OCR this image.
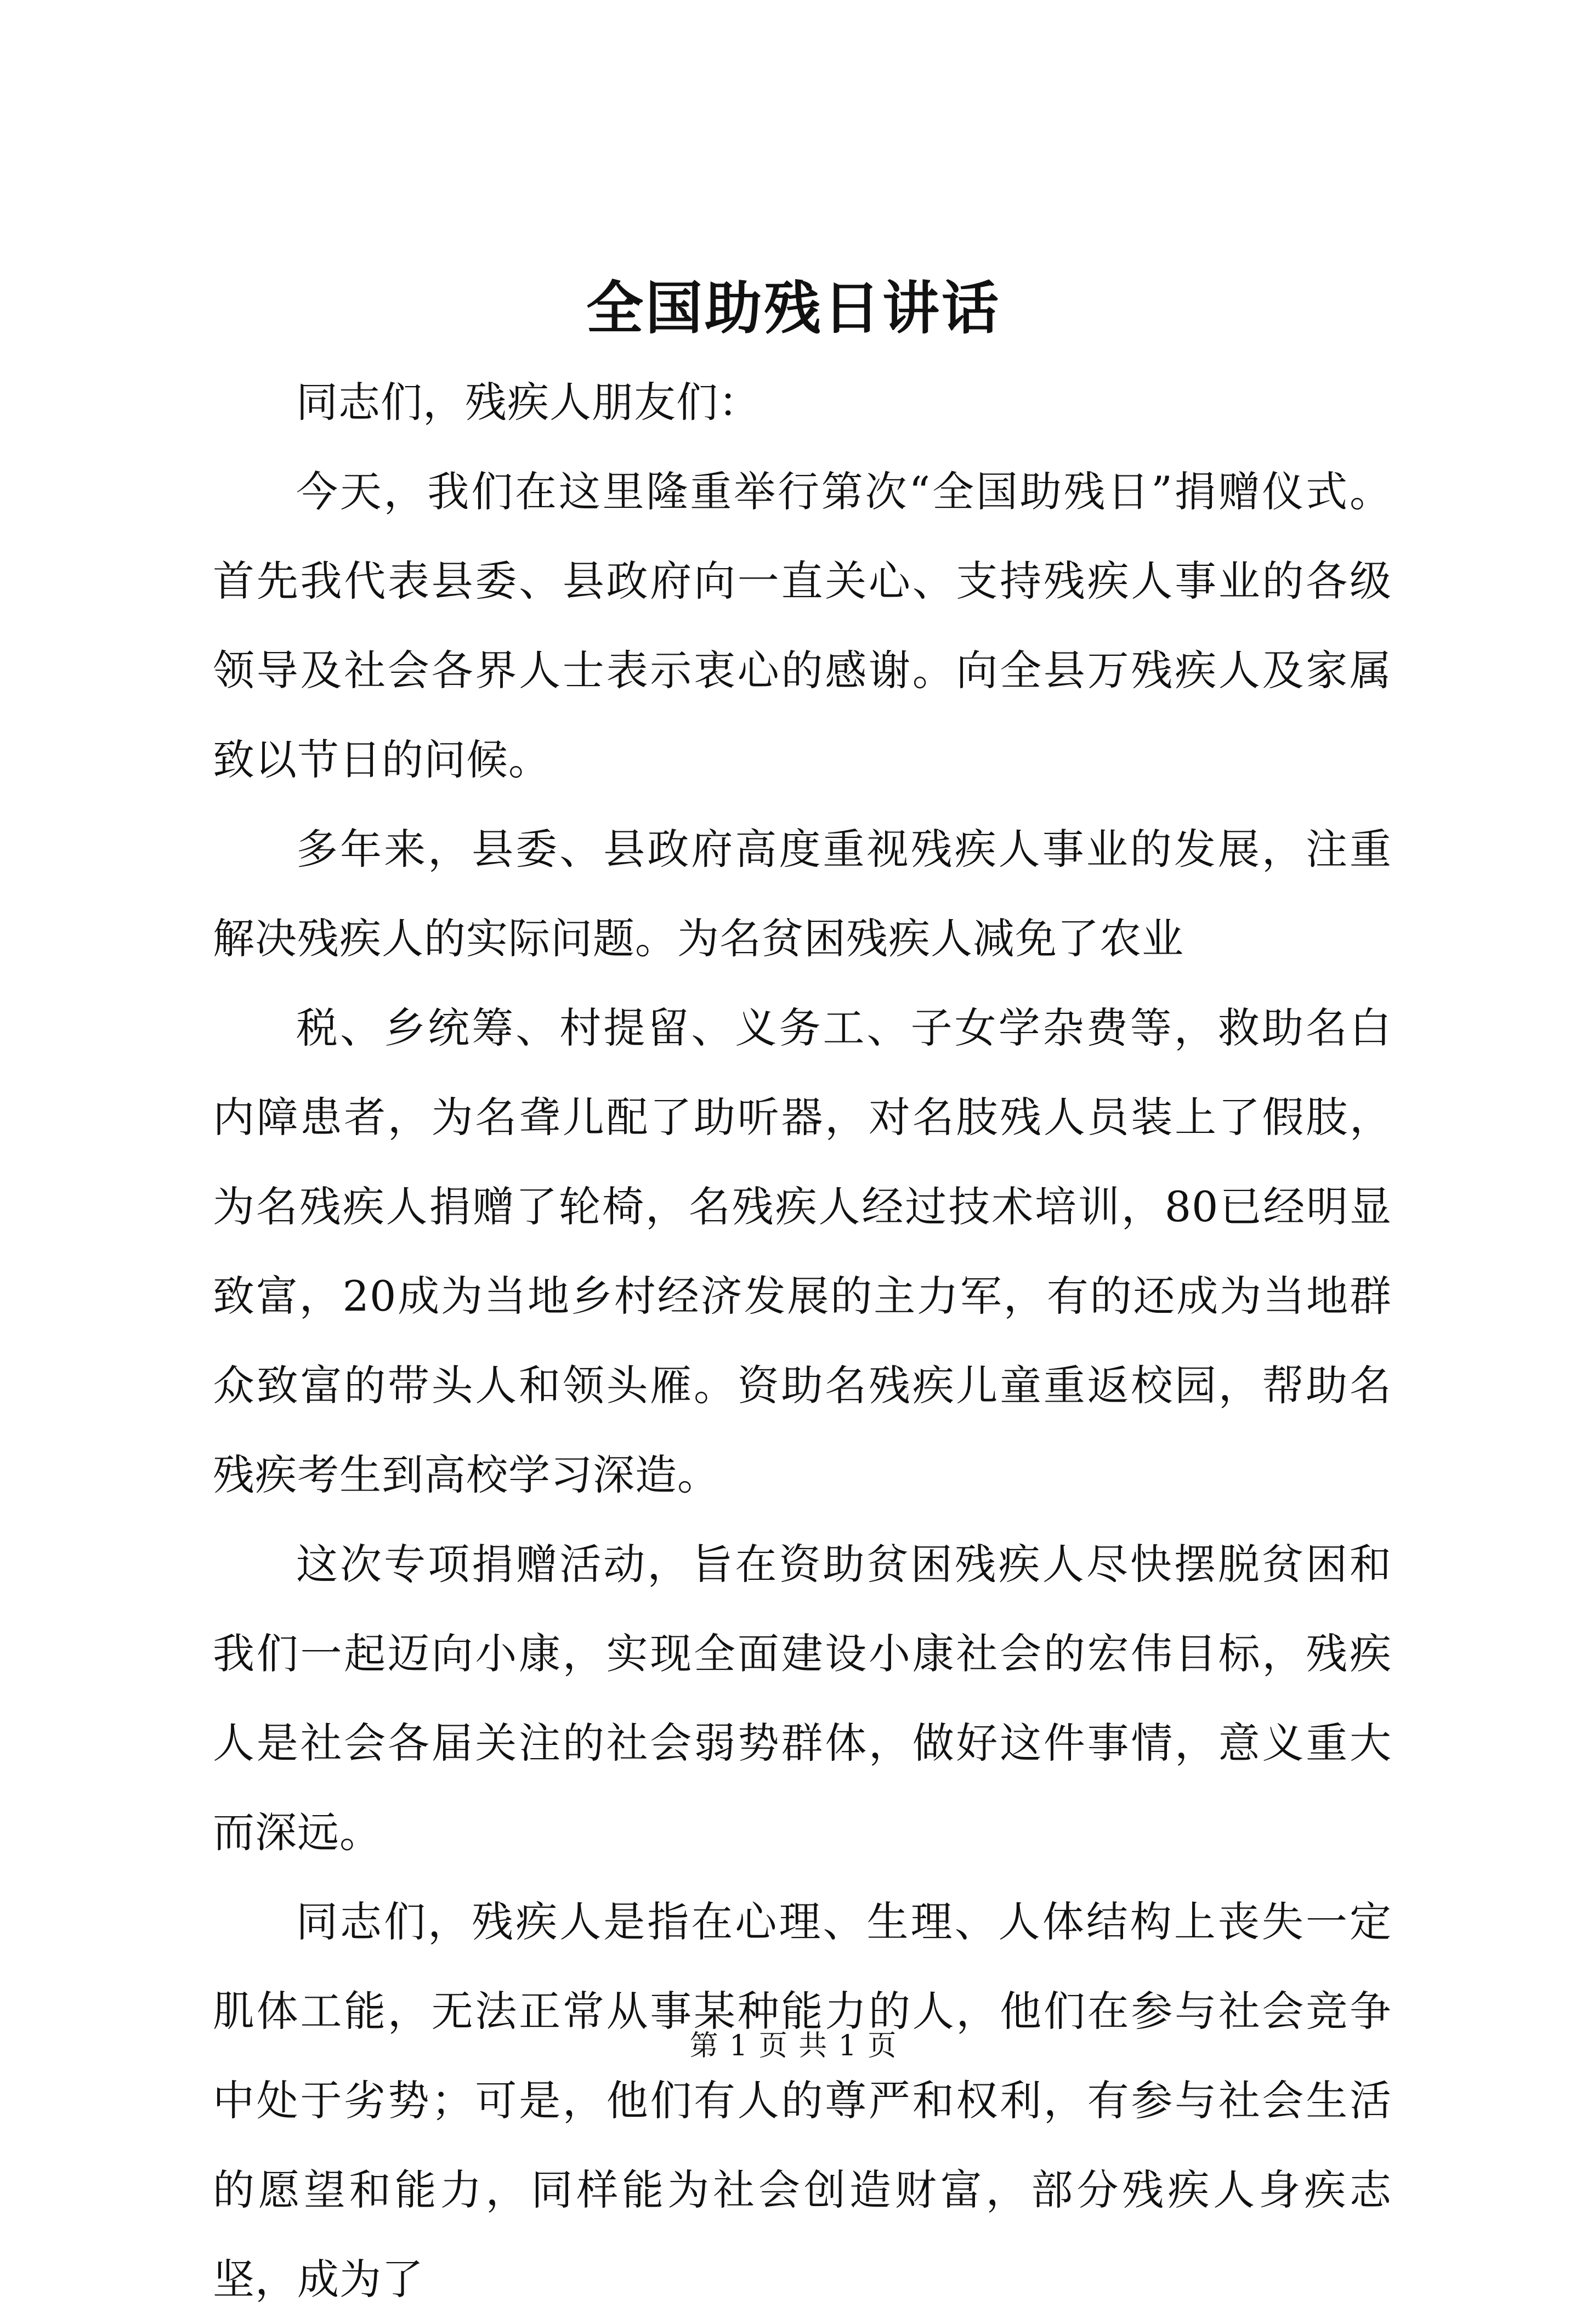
全国助残日讲话

同志们，残疾人朋友们：

今天，我们在这里隆重举行第次“全国助残日”捐赠仪式。首先我代表县委、县政府向一直关心、支持残疾人事业的各级领导及社会各界人士表示衷心的感谢。向全县万残疾人及家属致以节日的问候。

多年来，县委、县政府高度重视残疾人事业的发展，注重解决残疾人的实际问题。为名贫困残疾人减免了农业

税、乡统筹、村提留、义务工、子女学杂费等，救助名白内障患者，为名聋儿配了助听器，对名肢残人员装上了假肢，为名残疾人捐赠了轮椅，名残疾人经过技术培训，80已经明显致富，20成为当地乡村经济发展的主力军，有的还成为当地群众致富的带头人和领头雁。资助名残疾儿童重返校园，帮助名残疾考生到高校学习深造。

这次专项捐赠活动，旨在资助贫困残疾人尽快摆脱贫困和我们一起迈向小康，实现全面建设小康社会的宏伟目标，残疾人是社会各届关注的社会弱势群体，做好这件事情，意义重大而深远。

同志们，残疾人是指在心理、生理、人体结构上丧失一定肌体工能，无法正常从事某种能力的人，他们在参与社会竞争中处于劣势；可是，他们有人的尊严和权利，有参与社会生活的愿望和能力，同样能为社会创造财富，部分残疾人身疾志坚，成为了

第 1 页 共 1 页
